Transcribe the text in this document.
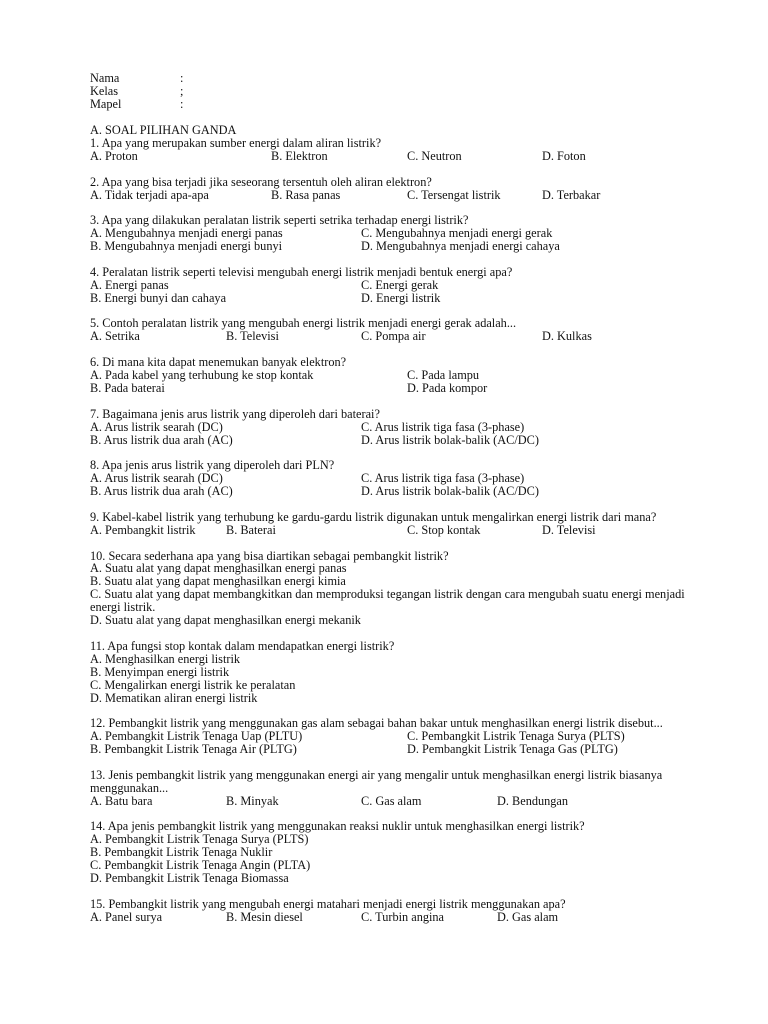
Nama	:
Kelas	;
Mapel	:
A. SOAL PILIHAN GANDA
1. Apa yang merupakan sumber energi dalam aliran listrik?
A. Proton	B. Elektron	C. Neutron	D. Foton
2. Apa yang bisa terjadi jika seseorang tersentuh oleh aliran elektron?
A. Tidak terjadi apa-apa	B. Rasa panas	C. Tersengat listrik	D. Terbakar
3. Apa yang dilakukan peralatan listrik seperti setrika terhadap energi listrik?
A. Mengubahnya menjadi energi panas	C. Mengubahnya menjadi energi gerak
B. Mengubahnya menjadi energi bunyi	D. Mengubahnya menjadi energi cahaya
4. Peralatan listrik seperti televisi mengubah energi listrik menjadi bentuk energi apa?
A. Energi panas	C. Energi gerak
B. Energi bunyi dan cahaya	D. Energi listrik
5. Contoh peralatan listrik yang mengubah energi listrik menjadi energi gerak adalah...
A. Setrika	B. Televisi	C. Pompa air	D. Kulkas
6. Di mana kita dapat menemukan banyak elektron?
A. Pada kabel yang terhubung ke stop kontak	C. Pada lampu
B. Pada baterai	D. Pada kompor
7. Bagaimana jenis arus listrik yang diperoleh dari baterai?
A. Arus listrik searah (DC)	C. Arus listrik tiga fasa (3-phase)
B. Arus listrik dua arah (AC)	D. Arus listrik bolak-balik (AC/DC)
8. Apa jenis arus listrik yang diperoleh dari PLN?
A. Arus listrik searah (DC)	C. Arus listrik tiga fasa (3-phase)
B. Arus listrik dua arah (AC)	D. Arus listrik bolak-balik (AC/DC)
9. Kabel-kabel listrik yang terhubung ke gardu-gardu listrik digunakan untuk mengalirkan energi listrik dari mana?
A. Pembangkit listrik B. Baterai	C. Stop kontak	D. Televisi
10. Secara sederhana apa yang bisa diartikan sebagai pembangkit listrik?
A. Suatu alat yang dapat menghasilkan energi panas
B. Suatu alat yang dapat menghasilkan energi kimia
C. Suatu alat yang dapat membangkitkan dan memproduksi tegangan listrik dengan cara mengubah suatu energi menjadi energi listrik.
D. Suatu alat yang dapat menghasilkan energi mekanik
11. Apa fungsi stop kontak dalam mendapatkan energi listrik?
A. Menghasilkan energi listrik
B. Menyimpan energi listrik
C. Mengalirkan energi listrik ke peralatan
D. Mematikan aliran energi listrik
12. Pembangkit listrik yang menggunakan gas alam sebagai bahan bakar untuk menghasilkan energi listrik disebut...
A. Pembangkit Listrik Tenaga Uap (PLTU)	C. Pembangkit Listrik Tenaga Surya (PLTS)
B. Pembangkit Listrik Tenaga Air (PLTG)	D. Pembangkit Listrik Tenaga Gas (PLTG)
13. Jenis pembangkit listrik yang menggunakan energi air yang mengalir untuk menghasilkan energi listrik biasanya menggunakan...
A. Batu bara	B. Minyak	C. Gas alam	D. Bendungan
14. Apa jenis pembangkit listrik yang menggunakan reaksi nuklir untuk menghasilkan energi listrik?
A. Pembangkit Listrik Tenaga Surya (PLTS)
B. Pembangkit Listrik Tenaga Nuklir
C. Pembangkit Listrik Tenaga Angin (PLTA)
D. Pembangkit Listrik Tenaga Biomassa
15. Pembangkit listrik yang mengubah energi matahari menjadi energi listrik menggunakan apa?
A. Panel surya	B. Mesin diesel	C. Turbin angina	D. Gas alam
